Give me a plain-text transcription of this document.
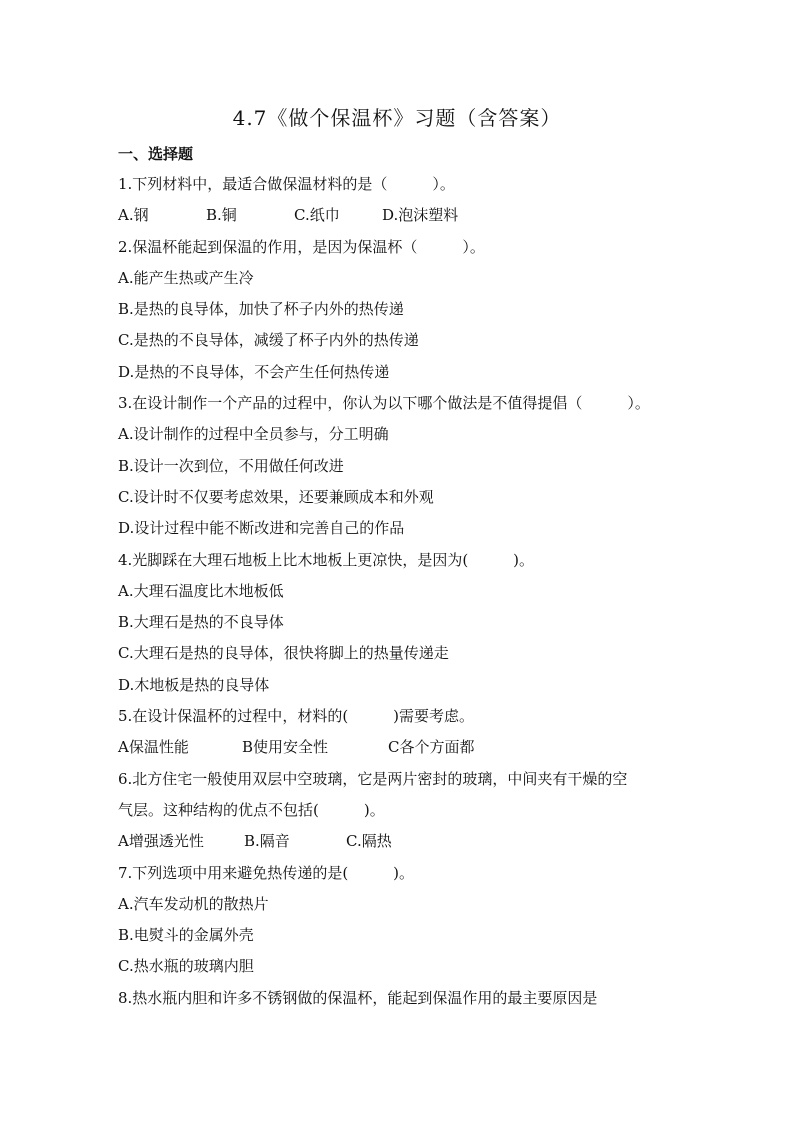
4.7《做个保温杯》习题（含答案）
一、选择题
1.下列材料中，最适合做保温材料的是（　　　）。
A.钢	B.铜	C.纸巾	D.泡沫塑料
2.保温杯能起到保温的作用，是因为保温杯（　　　）。
A.能产生热或产生冷
B.是热的良导体，加快了杯子内外的热传递
C.是热的不良导体，减缓了杯子内外的热传递
D.是热的不良导体，不会产生任何热传递
3.在设计制作一个产品的过程中，你认为以下哪个做法是不值得提倡（　　　）。
A.设计制作的过程中全员参与，分工明确
B.设计一次到位，不用做任何改进
C.设计时不仅要考虑效果，还要兼顾成本和外观
D.设计过程中能不断改进和完善自己的作品
4.光脚踩在大理石地板上比木地板上更凉快，是因为(　　　)。
A.大理石温度比木地板低
B.大理石是热的不良导体
C.大理石是热的良导体，很快将脚上的热量传递走
D.木地板是热的良导体
5.在设计保温杯的过程中，材料的(　　　)需要考虑。
A保温性能	B使用安全性	C各个方面都
6.北方住宅一般使用双层中空玻璃，它是两片密封的玻璃，中间夹有干燥的空
气层。这种结构的优点不包括(　　　)。
A增强透光性	B.隔音	C.隔热
7.下列选项中用来避免热传递的是(　　　)。
A.汽车发动机的散热片
B.电熨斗的金属外壳
C.热水瓶的玻璃内胆
8.热水瓶内胆和许多不锈钢做的保温杯，能起到保温作用的最主要原因是
